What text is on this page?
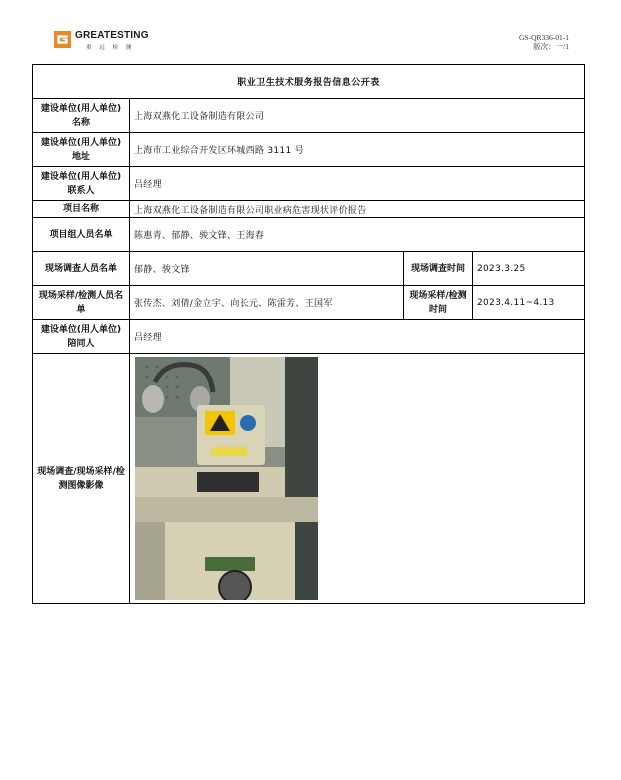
GREATESTING
重 远 检 测
GS-QR336-01-1
版次：一/1
职业卫生技术服务报告信息公开表			
建设单位(用人单位) 名称	上海双燕化工设备制造有限公司		
建设单位(用人单位) 地址	上海市工业综合开发区环城西路 3111 号		
建设单位(用人单位) 联系人	吕经理		
项目名称	上海双燕化工设备制造有限公司职业病危害现状评价报告		
项目组人员名单	陈惠青、郁静、骏文锋、王海春		
现场调查人员名单	郁静、骏文锋	现场调查时间	2023.3.25
现场采样/检测人员名单	张传杰、刘倩/金立宇、向长元、陈雷芳、王国军	现场采样/检测时间	2023.4.11~4.13
建设单位(用人单位) 陪同人	吕经理		
现场调查/现场采样/检测图像影像	
